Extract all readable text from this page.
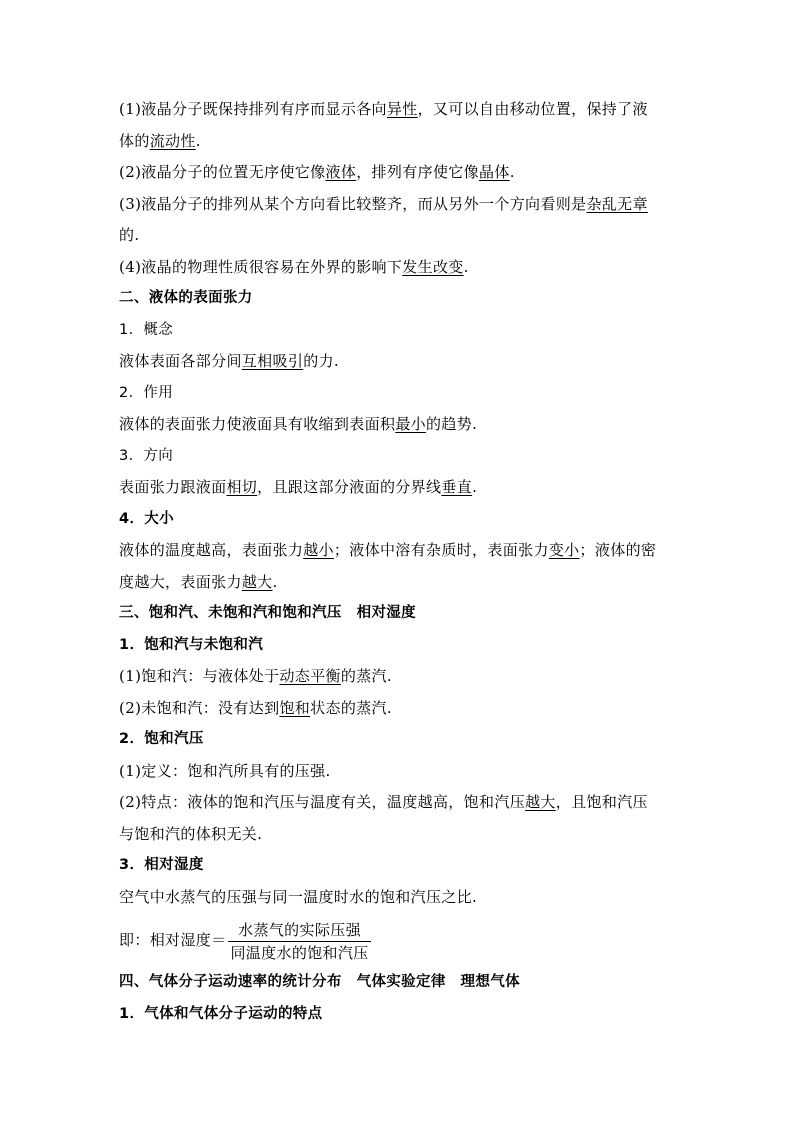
(1)液晶分子既保持排列有序而显示各向异性，又可以自由移动位置，保持了液

体的流动性.

(2)液晶分子的位置无序使它像液体，排列有序使它像晶体.

(3)液晶分子的排列从某个方向看比较整齐，而从另外一个方向看则是杂乱无章

的.

(4)液晶的物理性质很容易在外界的影响下发生改变.

二、液体的表面张力

1．概念

液体表面各部分间互相吸引的力.

2．作用

液体的表面张力使液面具有收缩到表面积最小的趋势.

3．方向

表面张力跟液面相切，且跟这部分液面的分界线垂直.

4．大小

液体的温度越高，表面张力越小；液体中溶有杂质时，表面张力变小；液体的密

度越大，表面张力越大.

三、饱和汽、未饱和汽和饱和汽压　相对湿度

1．饱和汽与未饱和汽

(1)饱和汽：与液体处于动态平衡的蒸汽.

(2)未饱和汽：没有达到饱和状态的蒸汽.

2．饱和汽压

(1)定义：饱和汽所具有的压强.

(2)特点：液体的饱和汽压与温度有关，温度越高，饱和汽压越大，且饱和汽压

与饱和汽的体积无关.

3．相对湿度

空气中水蒸气的压强与同一温度时水的饱和汽压之比.

即：相对湿度＝ $\frac{\text{水蒸气的实际压强}}{\text{同温度水的饱和汽压}}$

四、气体分子运动速率的统计分布　气体实验定律　理想气体

1．气体和气体分子运动的特点
